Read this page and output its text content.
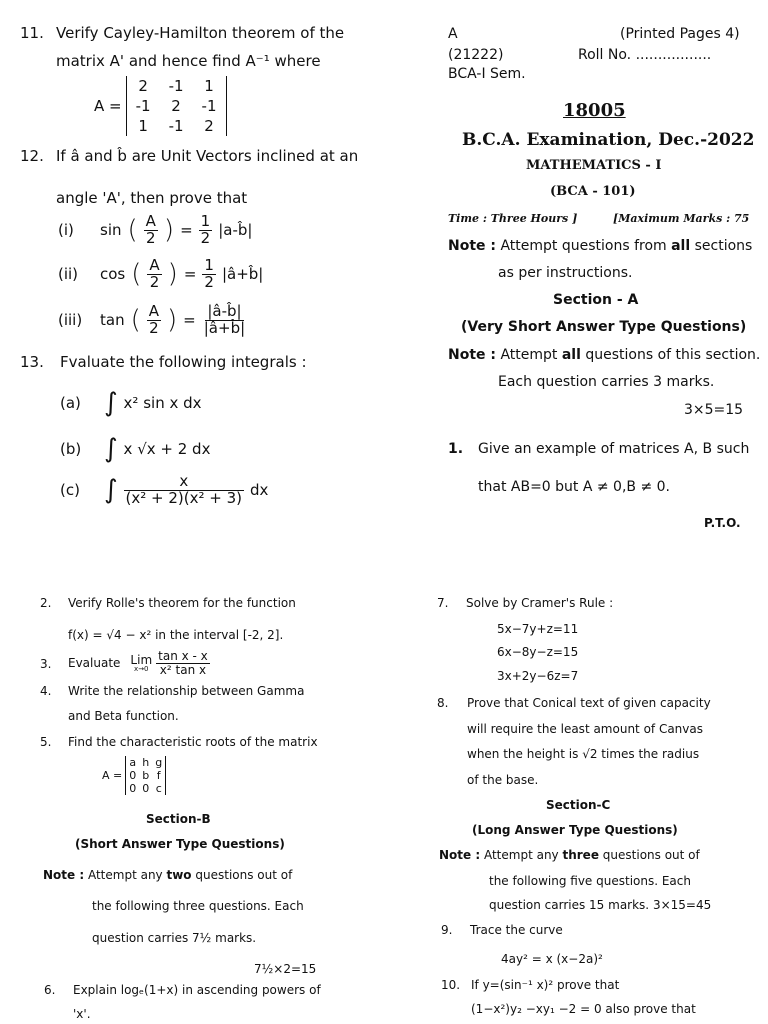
11. Verify Cayley-Hamilton theorem of the
matrix A' and hence find A⁻¹ where
A =
2	-1	1
-1	2	-1
1	-1	2
12. If â and b̂ are Unit Vectors inclined at an
angle 'A', then prove that
(i)	sin ( $\frac{A}{2}$ ) = $\frac{1}{2}$ |a-b̂|
(ii)	cos ( $\frac{A}{2}$ ) = $\frac{1}{2}$ |â+b̂|
(iii)	tan ( $\frac{A}{2}$ ) = $\frac{|â-b̂|}{|â+b̂|}$
13. Fvaluate the following integrals :
(a) ∫ x² sin x dx
(b) ∫ x √x + 2 dx
(c) ∫ $\frac{x}{\text{(x² + 2)(x² + 3)}}$ dx
A	(Printed Pages 4)
(21222)	Roll No. .................
BCA-I Sem.
18005
B.C.A. Examination, Dec.-2022
MATHEMATICS - I
(BCA - 101)
Time : Three Hours ]	[Maximum Marks : 75
Note : Attempt questions from all sections
as per instructions.
Section - A
(Very Short Answer Type Questions)
Note : Attempt all questions of this section.
Each question carries 3 marks.
3×5=15
1. Give an example of matrices A, B such
that AB=0 but A ≠ 0,B ≠ 0.
P.T.O.
2. Verify Rolle's theorem for the function
f(x) = √4 − x² in the interval [-2, 2].
3. Evaluate Lim
$x\to 0 \frac{\text{tan x - x}}{\text{x² tan x}}$
4. Write the relationship between Gamma
and Beta function.
5. Find the characteristic roots of the matrix
A =
a	h	g
0	b	f
0	0	c
Section-B
(Short Answer Type Questions)
Note : Attempt any two questions out of
the following three questions. Each
question carries 7½ marks.
7½×2=15
6. Explain logₑ(1+x) in ascending powers of
'x'.
7. Solve by Cramer's Rule :
5x−7y+z=11
6x−8y−z=15
3x+2y−6z=7
8. Prove that Conical text of given capacity
will require the least amount of Canvas
when the height is √2 times the radius
of the base.
Section-C
(Long Answer Type Questions)
Note : Attempt any three questions out of
the following five questions. Each
question carries 15 marks. 3×15=45
9. Trace the curve
4ay² = x (x−2a)²
10. If y=(sin⁻¹ x)² prove that
(1−x²)y₂ −xy₁ −2 = 0 also prove that
